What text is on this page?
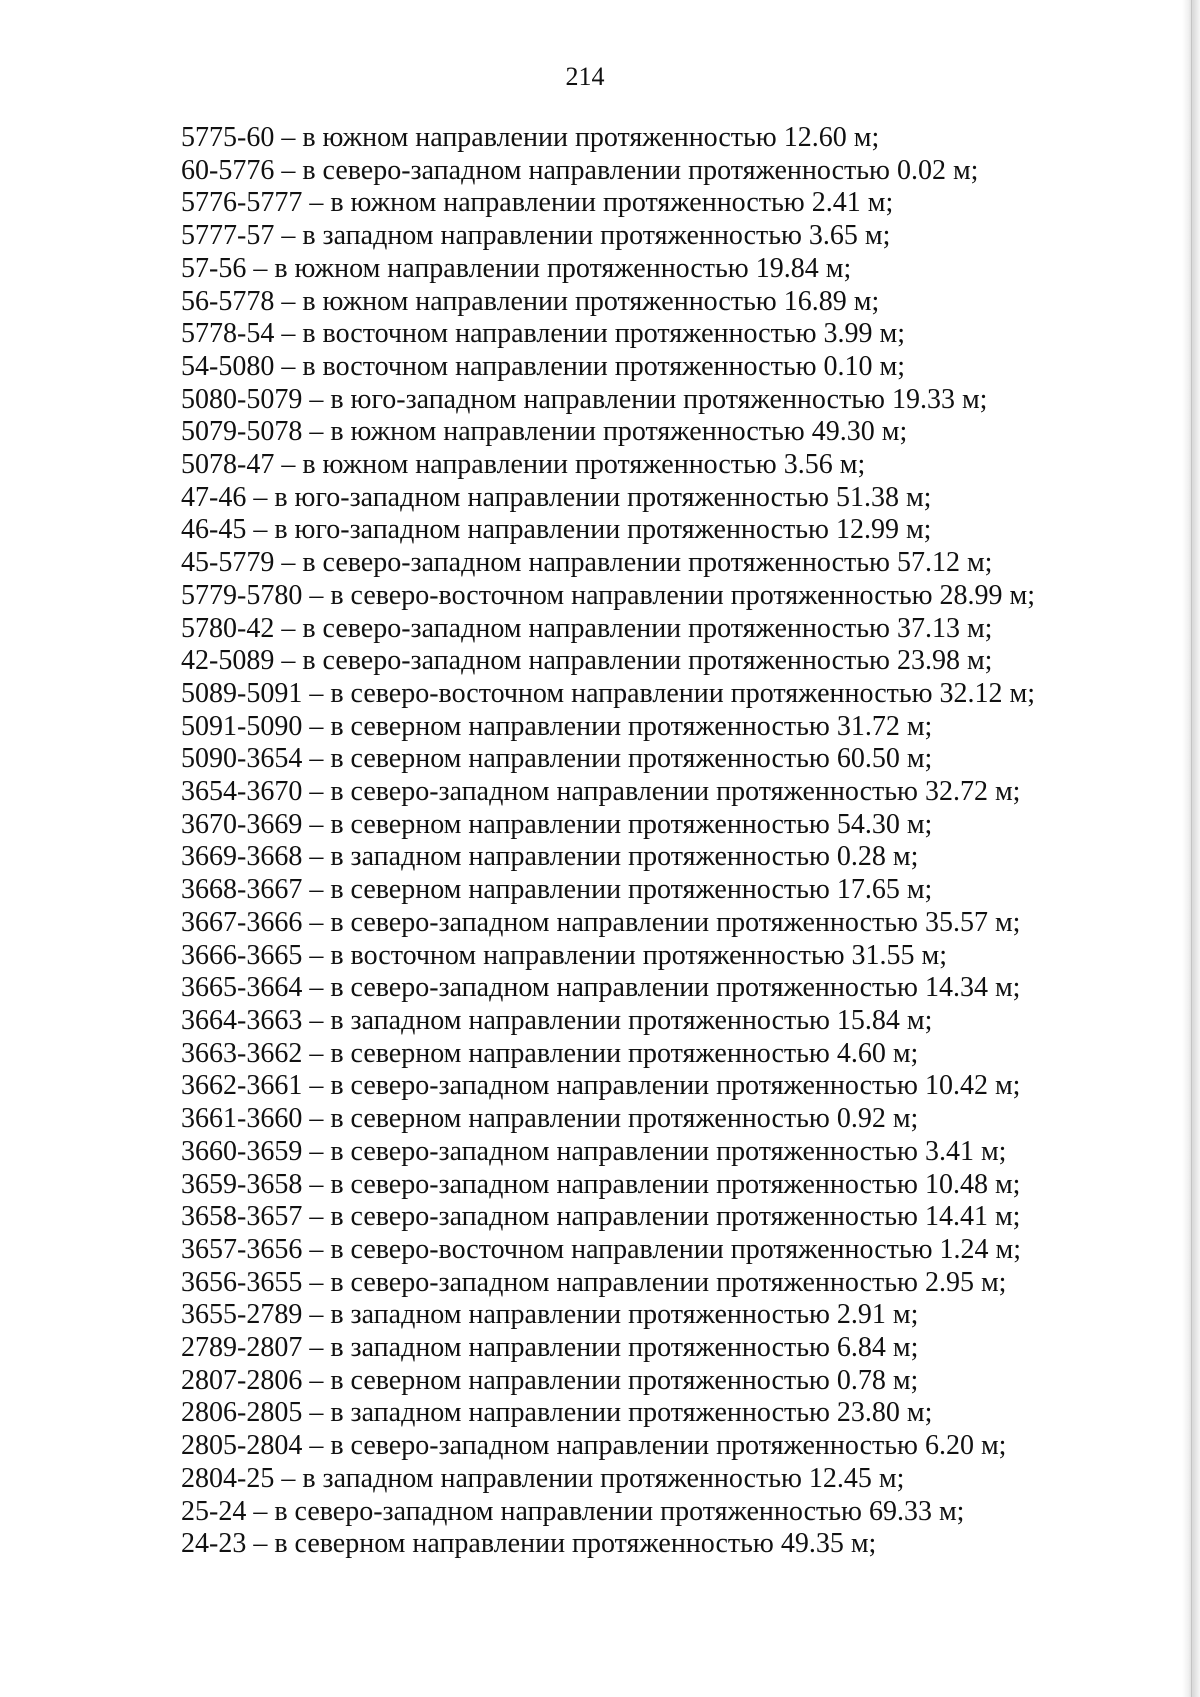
214
5775-60 – в южном направлении протяженностью 12.60 м;
60-5776 – в северо-западном направлении протяженностью 0.02 м;
5776-5777 – в южном направлении протяженностью 2.41 м;
5777-57 – в западном направлении протяженностью 3.65 м;
57-56 – в южном направлении протяженностью 19.84 м;
56-5778 – в южном направлении протяженностью 16.89 м;
5778-54 – в восточном направлении протяженностью 3.99 м;
54-5080 – в восточном направлении протяженностью 0.10 м;
5080-5079 – в юго-западном направлении протяженностью 19.33 м;
5079-5078 – в южном направлении протяженностью 49.30 м;
5078-47 – в южном направлении протяженностью 3.56 м;
47-46 – в юго-западном направлении протяженностью 51.38 м;
46-45 – в юго-западном направлении протяженностью 12.99 м;
45-5779 – в северо-западном направлении протяженностью 57.12 м;
5779-5780 – в северо-восточном направлении протяженностью 28.99 м;
5780-42 – в северо-западном направлении протяженностью 37.13 м;
42-5089 – в северо-западном направлении протяженностью 23.98 м;
5089-5091 – в северо-восточном направлении протяженностью 32.12 м;
5091-5090 – в северном направлении протяженностью 31.72 м;
5090-3654 – в северном направлении протяженностью 60.50 м;
3654-3670 – в северо-западном направлении протяженностью 32.72 м;
3670-3669 – в северном направлении протяженностью 54.30 м;
3669-3668 – в западном направлении протяженностью 0.28 м;
3668-3667 – в северном направлении протяженностью 17.65 м;
3667-3666 – в северо-западном направлении протяженностью 35.57 м;
3666-3665 – в восточном направлении протяженностью 31.55 м;
3665-3664 – в северо-западном направлении протяженностью 14.34 м;
3664-3663 – в западном направлении протяженностью 15.84 м;
3663-3662 – в северном направлении протяженностью 4.60 м;
3662-3661 – в северо-западном направлении протяженностью 10.42 м;
3661-3660 – в северном направлении протяженностью 0.92 м;
3660-3659 – в северо-западном направлении протяженностью 3.41 м;
3659-3658 – в северо-западном направлении протяженностью 10.48 м;
3658-3657 – в северо-западном направлении протяженностью 14.41 м;
3657-3656 – в северо-восточном направлении протяженностью 1.24 м;
3656-3655 – в северо-западном направлении протяженностью 2.95 м;
3655-2789 – в западном направлении протяженностью 2.91 м;
2789-2807 – в западном направлении протяженностью 6.84 м;
2807-2806 – в северном направлении протяженностью 0.78 м;
2806-2805 – в западном направлении протяженностью 23.80 м;
2805-2804 – в северо-западном направлении протяженностью 6.20 м;
2804-25 – в западном направлении протяженностью 12.45 м;
25-24 – в северо-западном направлении протяженностью 69.33 м;
24-23 – в северном направлении протяженностью 49.35 м;
